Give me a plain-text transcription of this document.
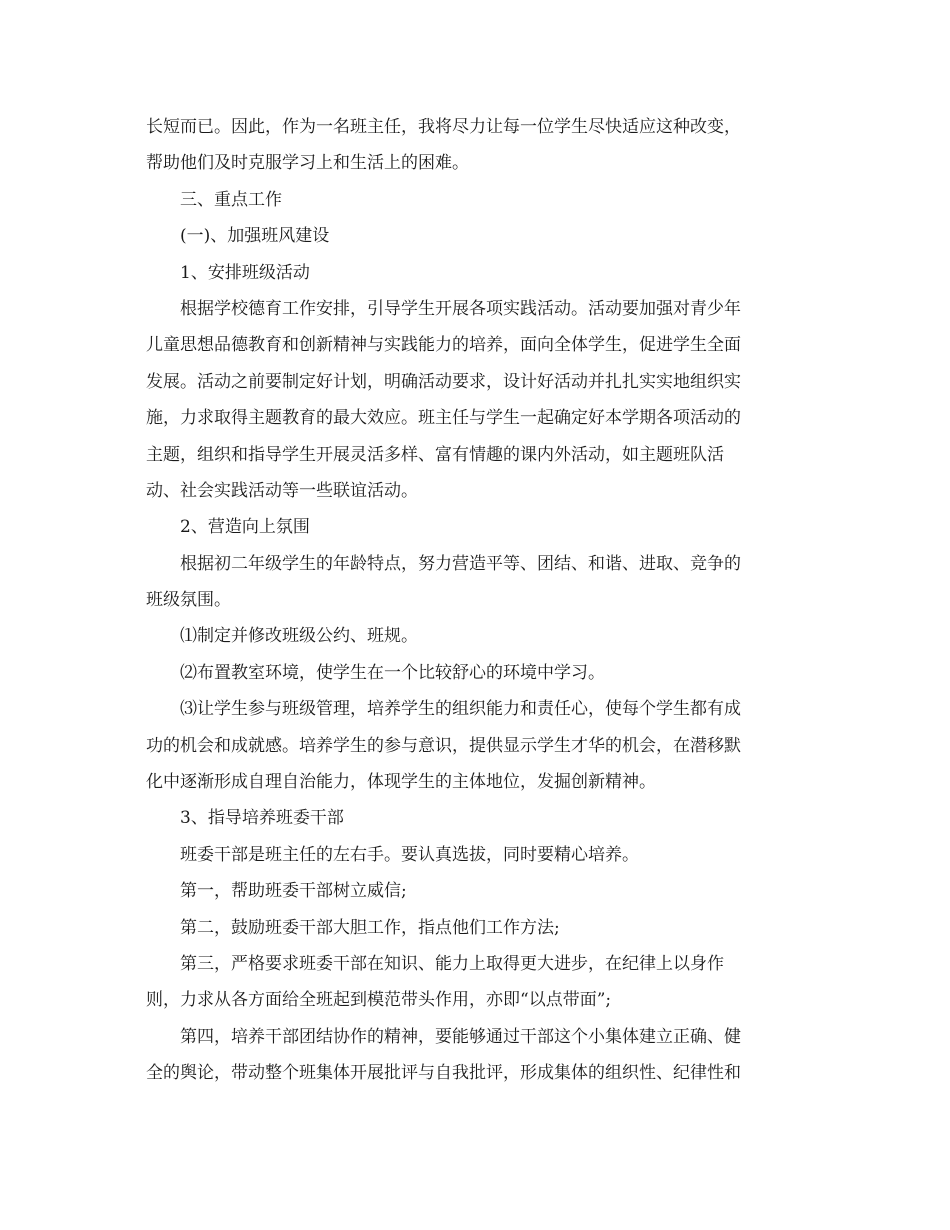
长短而已。因此，作为一名班主任，我将尽力让每一位学生尽快适应这种改变，
帮助他们及时克服学习上和生活上的困难。
三、重点工作
(一)、加强班风建设
1、安排班级活动
根据学校德育工作安排，引导学生开展各项实践活动。活动要加强对青少年
儿童思想品德教育和创新精神与实践能力的培养，面向全体学生，促进学生全面
发展。活动之前要制定好计划，明确活动要求，设计好活动并扎扎实实地组织实
施，力求取得主题教育的最大效应。班主任与学生一起确定好本学期各项活动的
主题，组织和指导学生开展灵活多样、富有情趣的课内外活动，如主题班队活
动、社会实践活动等一些联谊活动。
2、营造向上氛围
根据初二年级学生的年龄特点，努力营造平等、团结、和谐、进取、竞争的
班级氛围。
⑴制定并修改班级公约、班规。
⑵布置教室环境，使学生在一个比较舒心的环境中学习。
⑶让学生参与班级管理，培养学生的组织能力和责任心，使每个学生都有成
功的机会和成就感。培养学生的参与意识，提供显示学生才华的机会，在潜移默
化中逐渐形成自理自治能力，体现学生的主体地位，发掘创新精神。
3、指导培养班委干部
班委干部是班主任的左右手。要认真选拔，同时要精心培养。
第一，帮助班委干部树立威信;
第二，鼓励班委干部大胆工作，指点他们工作方法;
第三，严格要求班委干部在知识、能力上取得更大进步，在纪律上以身作
则，力求从各方面给全班起到模范带头作用，亦即“以点带面”;
第四，培养干部团结协作的精神，要能够通过干部这个小集体建立正确、健
全的舆论，带动整个班集体开展批评与自我批评，形成集体的组织性、纪律性和
